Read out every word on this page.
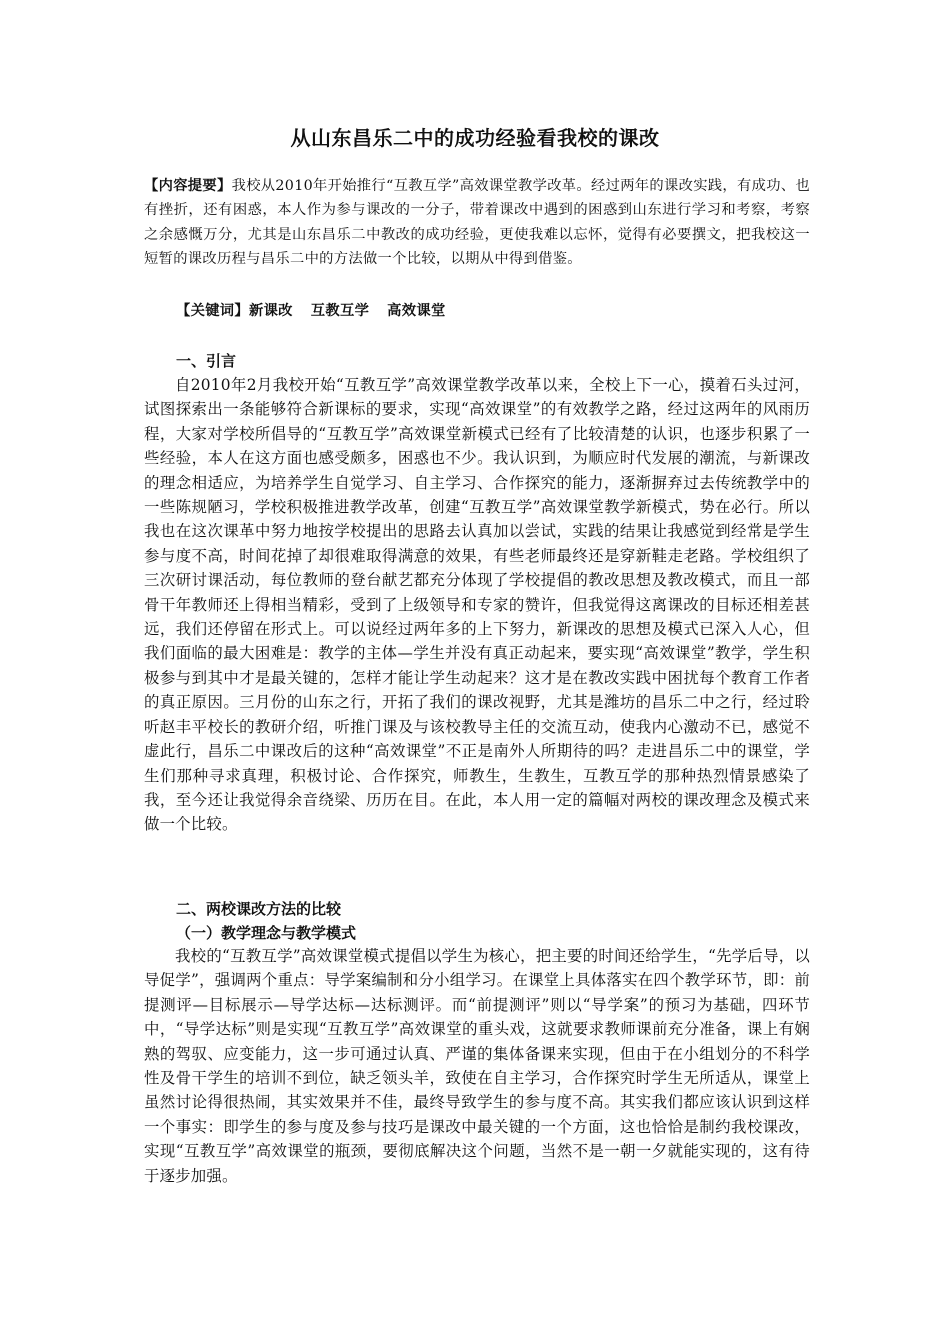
从山东昌乐二中的成功经验看我校的课改
【内容提要】我校从2010年开始推行“互教互学”高效课堂教学改革。经过两年的课改实践，有成功、也有挫折，还有困惑，本人作为参与课改的一分子，带着课改中遇到的困惑到山东进行学习和考察，考察之余感慨万分，尤其是山东昌乐二中教改的成功经验，更使我难以忘怀，觉得有必要撰文，把我校这一短暂的课改历程与昌乐二中的方法做一个比较，以期从中得到借鉴。
【关键词】新课改 互教互学 高效课堂
一、引言
自2010年2月我校开始“互教互学”高效课堂教学改革以来，全校上下一心，摸着石头过河，试图探索出一条能够符合新课标的要求，实现“高效课堂”的有效教学之路，经过这两年的风雨历程，大家对学校所倡导的“互教互学”高效课堂新模式已经有了比较清楚的认识，也逐步积累了一些经验，本人在这方面也感受颇多，困惑也不少。我认识到，为顺应时代发展的潮流，与新课改的理念相适应，为培养学生自觉学习、自主学习、合作探究的能力，逐渐摒弃过去传统教学中的一些陈规陋习，学校积极推进教学改革，创建“互教互学”高效课堂教学新模式，势在必行。所以我也在这次课革中努力地按学校提出的思路去认真加以尝试，实践的结果让我感觉到经常是学生参与度不高，时间花掉了却很难取得满意的效果，有些老师最终还是穿新鞋走老路。学校组织了三次研讨课活动，每位教师的登台献艺都充分体现了学校提倡的教改思想及教改模式，而且一部骨干年教师还上得相当精彩，受到了上级领导和专家的赞许，但我觉得这离课改的目标还相差甚远，我们还停留在形式上。可以说经过两年多的上下努力，新课改的思想及模式已深入人心，但我们面临的最大困难是：教学的主体—学生并没有真正动起来，要实现“高效课堂”教学，学生积极参与到其中才是最关键的，怎样才能让学生动起来？这才是在教改实践中困扰每个教育工作者的真正原因。三月份的山东之行，开拓了我们的课改视野，尤其是潍坊的昌乐二中之行，经过聆听赵丰平校长的教研介绍，听推门课及与该校教导主任的交流互动，使我内心激动不已，感觉不虚此行，昌乐二中课改后的这种“高效课堂”不正是南外人所期待的吗？走进昌乐二中的课堂，学生们那种寻求真理，积极讨论、合作探究，师教生，生教生，互教互学的那种热烈情景感染了我，至今还让我觉得余音绕梁、历历在目。在此，本人用一定的篇幅对两校的课改理念及模式来做一个比较。
二、两校课改方法的比较
（一）教学理念与教学模式
我校的“互教互学”高效课堂模式提倡以学生为核心，把主要的时间还给学生，“先学后导，以导促学”，强调两个重点：导学案编制和分小组学习。在课堂上具体落实在四个教学环节，即：前提测评—目标展示—导学达标—达标测评。而“前提测评”则以“导学案”的预习为基础，四环节中，“导学达标”则是实现“互教互学”高效课堂的重头戏，这就要求教师课前充分准备，课上有娴熟的驾驭、应变能力，这一步可通过认真、严谨的集体备课来实现，但由于在小组划分的不科学性及骨干学生的培训不到位，缺乏领头羊，致使在自主学习，合作探究时学生无所适从，课堂上虽然讨论得很热闹，其实效果并不佳，最终导致学生的参与度不高。其实我们都应该认识到这样一个事实：即学生的参与度及参与技巧是课改中最关键的一个方面，这也恰恰是制约我校课改，实现“互教互学”高效课堂的瓶颈，要彻底解决这个问题，当然不是一朝一夕就能实现的，这有待于逐步加强。
